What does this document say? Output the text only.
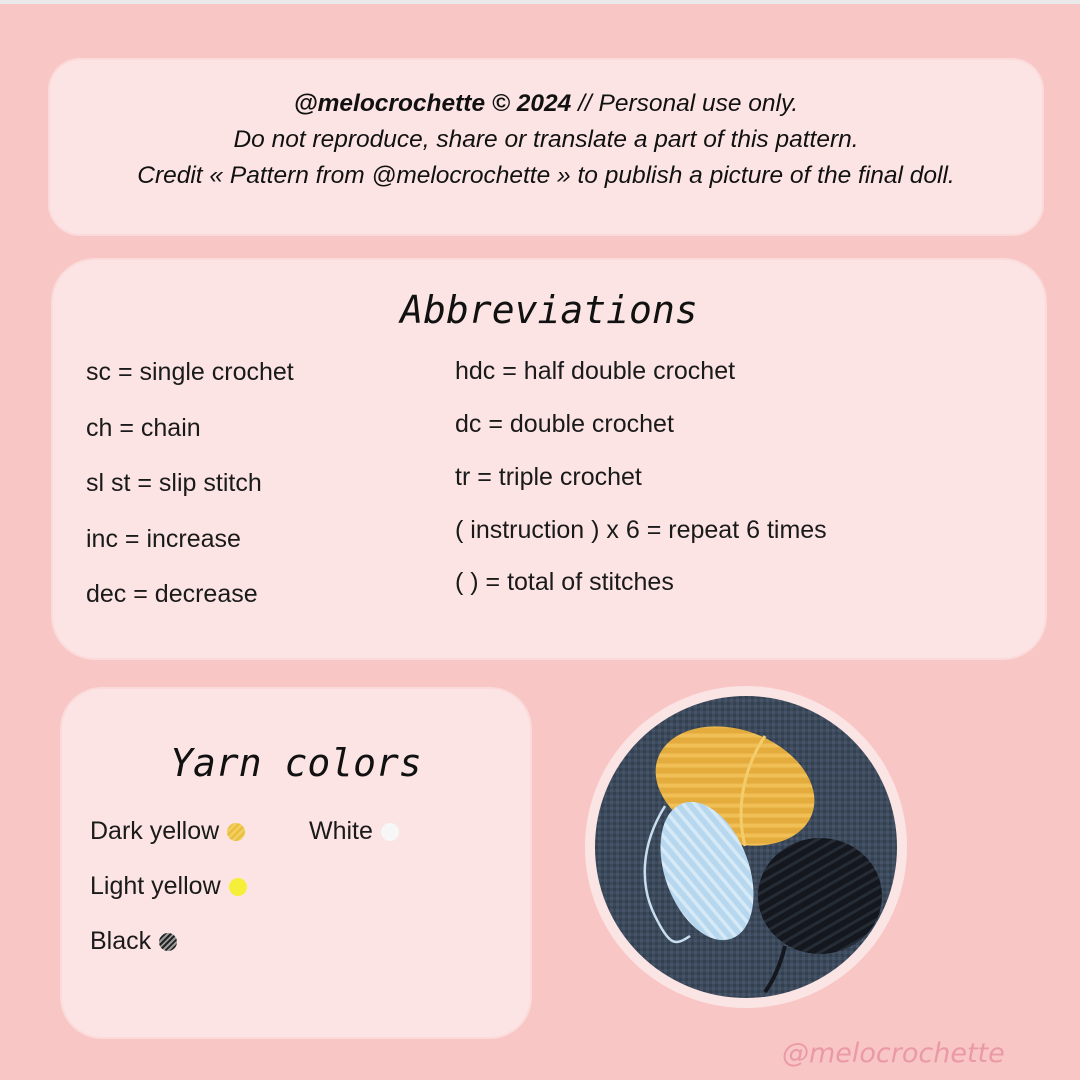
@melocrochette © 2024 // Personal use only.
Do not reproduce, share or translate a part of this pattern.
Credit « Pattern from @melocrochette » to publish a picture of the final doll.
Abbreviations
sc = single crochet
ch = chain
sl st = slip stitch
inc = increase
dec = decrease
hdc = half double crochet
dc = double crochet
tr = triple crochet
( instruction ) x 6 = repeat 6 times
( ) = total of stitches
Yarn colors
Dark yellow	White
Light yellow
Black
@melocrochette
